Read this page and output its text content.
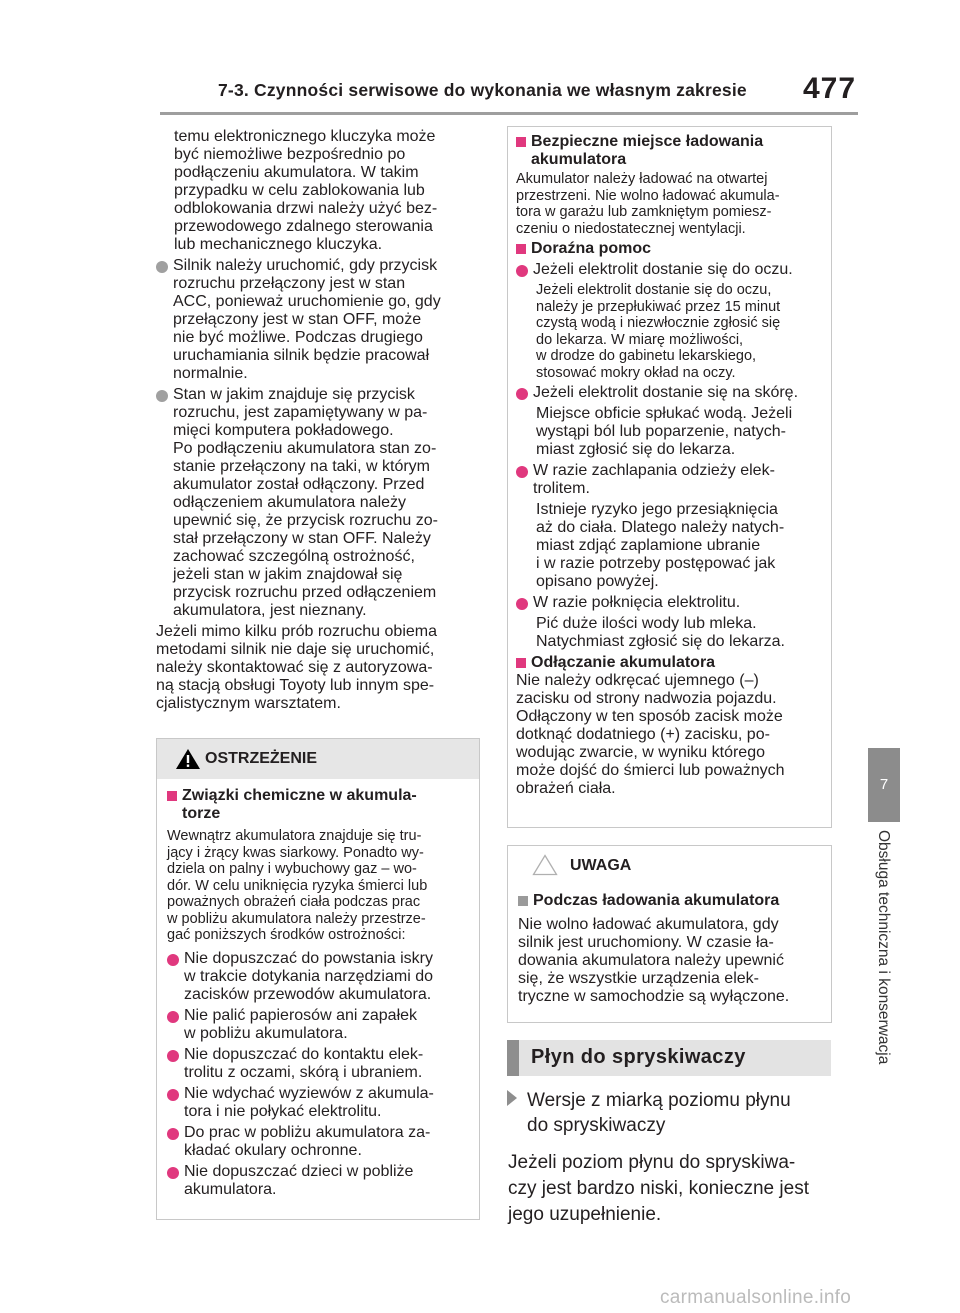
7-3. Czynności serwisowe do wykonania we własnym zakresie 477
7
Obsługa techniczna i konserwacja
temu elektronicznego kluczyka może
być niemożliwe bezpośrednio po
podłączeniu akumulatora. W takim
przypadku w celu zablokowania lub
odblokowania drzwi należy użyć bez-
przewodowego zdalnego sterowania
lub mechanicznego kluczyka.
Silnik należy uruchomić, gdy przycisk
rozruchu przełączony jest w stan
ACC, ponieważ uruchomienie go, gdy
przełączony jest w stan OFF, może
nie być możliwe. Podczas drugiego
uruchamiania silnik będzie pracował
normalnie.
Stan w jakim znajduje się przycisk
rozruchu, jest zapamiętywany w pa-
mięci komputera pokładowego.
Po podłączeniu akumulatora stan zo-
stanie przełączony na taki, w którym
akumulator został odłączony. Przed
odłączeniem akumulatora należy
upewnić się, że przycisk rozruchu zo-
stał przełączony w stan OFF. Należy
zachować szczególną ostrożność,
jeżeli stan w jakim znajdował się
przycisk rozruchu przed odłączeniem
akumulatora, jest nieznany.
Jeżeli mimo kilku prób rozruchu obiema
metodami silnik nie daje się uruchomić,
należy skontaktować się z autoryzowa-
ną stacją obsługi Toyoty lub innym spe-
cjalistycznym warsztatem.
OSTRZEŻENIE
Związki chemiczne w akumula-
torze
Wewnątrz akumulatora znajduje się tru-
jący i żrący kwas siarkowy. Ponadto wy-
dziela on palny i wybuchowy gaz – wo-
dór. W celu uniknięcia ryzyka śmierci lub
poważnych obrażeń ciała podczas prac
w pobliżu akumulatora należy przestrze-
gać poniższych środków ostrożności:
Nie dopuszczać do powstania iskry
w trakcie dotykania narzędziami do
zacisków przewodów akumulatora.
Nie palić papierosów ani zapałek
w pobliżu akumulatora.
Nie dopuszczać do kontaktu elek-
trolitu z oczami, skórą i ubraniem.
Nie wdychać wyziewów z akumula-
tora i nie połykać elektrolitu.
Do prac w pobliżu akumulatora za-
kładać okulary ochronne.
Nie dopuszczać dzieci w pobliże
akumulatora.
Bezpieczne miejsce ładowania
akumulatora
Akumulator należy ładować na otwartej
przestrzeni. Nie wolno ładować akumula-
tora w garażu lub zamkniętym pomiesz-
czeniu o niedostatecznej wentylacji.
Doraźna pomoc
Jeżeli elektrolit dostanie się do oczu.
Jeżeli elektrolit dostanie się do oczu,
należy je przepłukiwać przez 15 minut
czystą wodą i niezwłocznie zgłosić się
do lekarza. W miarę możliwości,
w drodze do gabinetu lekarskiego,
stosować mokry okład na oczy.
Jeżeli elektrolit dostanie się na skórę.
Miejsce obficie spłukać wodą. Jeżeli
wystąpi ból lub poparzenie, natych-
miast zgłosić się do lekarza.
W razie zachlapania odzieży elek-
trolitem.
Istnieje ryzyko jego przesiąknięcia
aż do ciała. Dlatego należy natych-
miast zdjąć zaplamione ubranie
i w razie potrzeby postępować jak
opisano powyżej.
W razie połknięcia elektrolitu.
Pić duże ilości wody lub mleka.
Natychmiast zgłosić się do lekarza.
Odłączanie akumulatora
Nie należy odkręcać ujemnego (–)
zacisku od strony nadwozia pojazdu.
Odłączony w ten sposób zacisk może
dotknąć dodatniego (+) zacisku, po-
wodując zwarcie, w wyniku którego
może dojść do śmierci lub poważnych
obrażeń ciała.
UWAGA
Podczas ładowania akumulatora
Nie wolno ładować akumulatora, gdy
silnik jest uruchomiony. W czasie ła-
dowania akumulatora należy upewnić
się, że wszystkie urządzenia elek-
tryczne w samochodzie są wyłączone.
Płyn do spryskiwaczy
Wersje z miarką poziomu płynu
do spryskiwaczy
Jeżeli poziom płynu do spryskiwa-
czy jest bardzo niski, konieczne jest
jego uzupełnienie.
carmanualsonline.info
